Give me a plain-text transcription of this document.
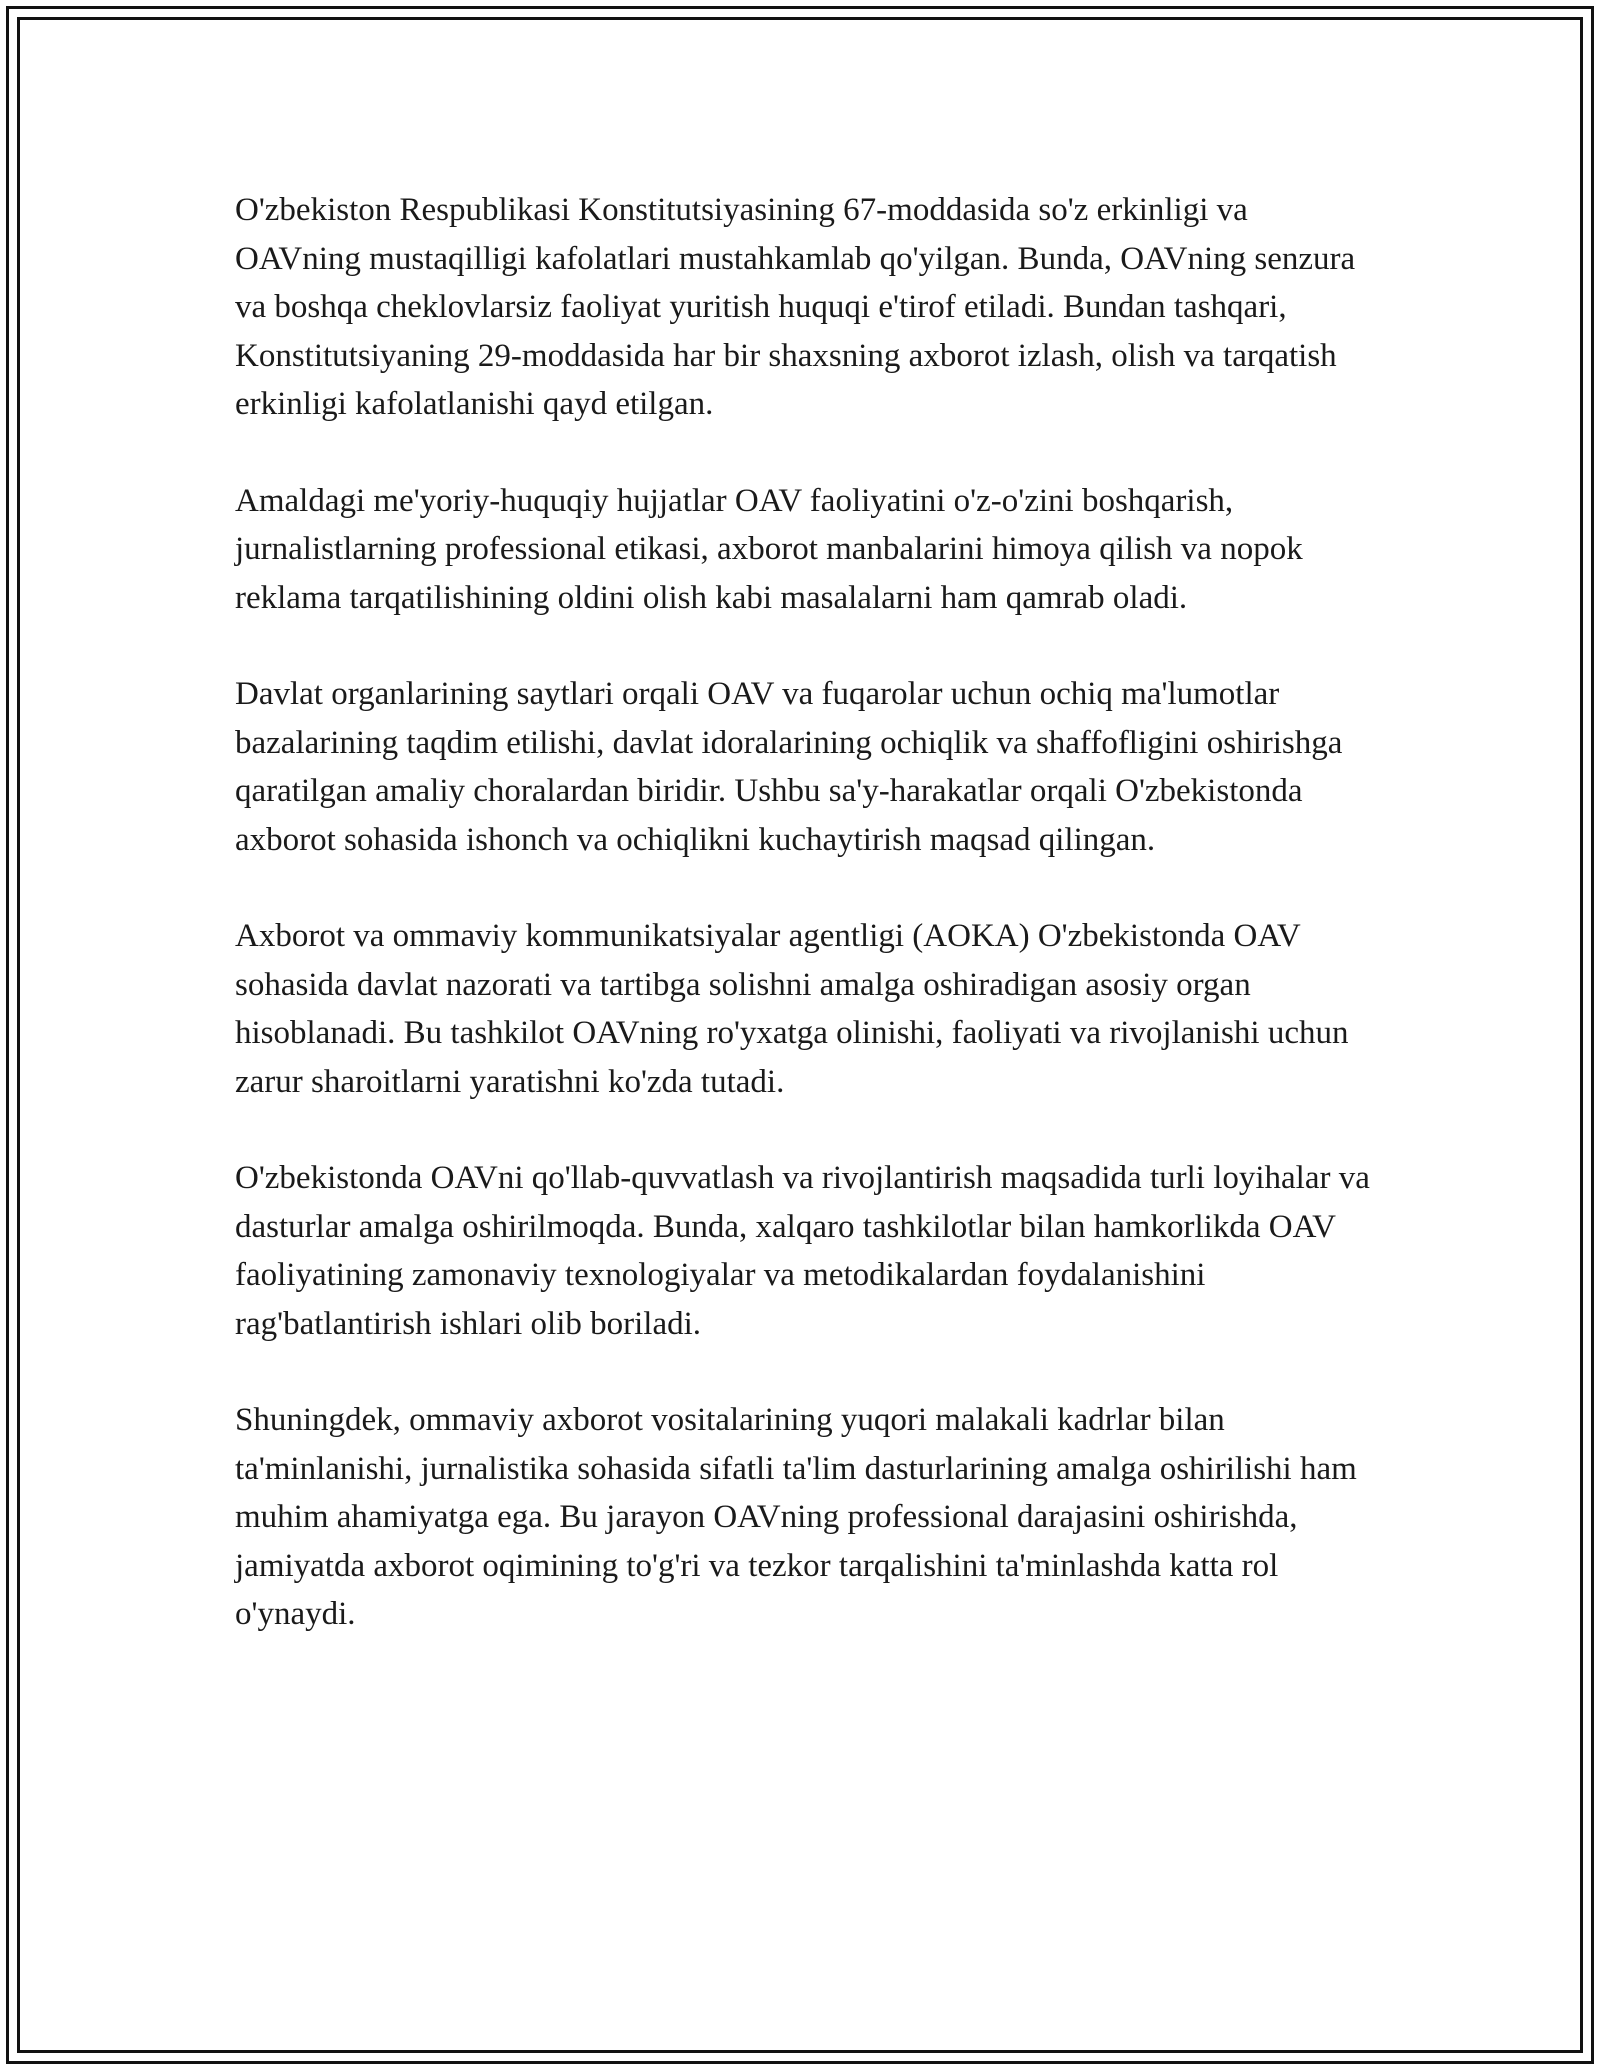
O'zbekiston Respublikasi Konstitutsiyasining 67-moddasida so'z erkinligi va OAVning mustaqilligi kafolatlari mustahkamlab qo'yilgan. Bunda, OAVning senzura va boshqa cheklovlarsiz faoliyat yuritish huquqi e'tirof etiladi. Bundan tashqari, Konstitutsiyaning 29-moddasida har bir shaxsning axborot izlash, olish va tarqatish erkinligi kafolatlanishi qayd etilgan.

Amaldagi me'yoriy-huquqiy hujjatlar OAV faoliyatini o'z-o'zini boshqarish, jurnalistlarning professional etikasi, axborot manbalarini himoya qilish va nopok reklama tarqatilishining oldini olish kabi masalalarni ham qamrab oladi.

Davlat organlarining saytlari orqali OAV va fuqarolar uchun ochiq ma'lumotlar bazalarining taqdim etilishi, davlat idoralarining ochiqlik va shaffofligini oshirishga qaratilgan amaliy choralardan biridir. Ushbu sa'y-harakatlar orqali O'zbekistonda axborot sohasida ishonch va ochiqlikni kuchaytirish maqsad qilingan.

Axborot va ommaviy kommunikatsiyalar agentligi (AOKA) O'zbekistonda OAV sohasida davlat nazorati va tartibga solishni amalga oshiradigan asosiy organ hisoblanadi. Bu tashkilot OAVning ro'yxatga olinishi, faoliyati va rivojlanishi uchun zarur sharoitlarni yaratishni ko'zda tutadi.

O'zbekistonda OAVni qo'llab-quvvatlash va rivojlantirish maqsadida turli loyihalar va dasturlar amalga oshirilmoqda. Bunda, xalqaro tashkilotlar bilan hamkorlikda OAV faoliyatining zamonaviy texnologiyalar va metodikalardan foydalanishini rag'batlantirish ishlari olib boriladi.

Shuningdek, ommaviy axborot vositalarining yuqori malakali kadrlar bilan ta'minlanishi, jurnalistika sohasida sifatli ta'lim dasturlarining amalga oshirilishi ham muhim ahamiyatga ega. Bu jarayon OAVning professional darajasini oshirishda, jamiyatda axborot oqimining to'g'ri va tezkor tarqalishini ta'minlashda katta rol o'ynaydi.
